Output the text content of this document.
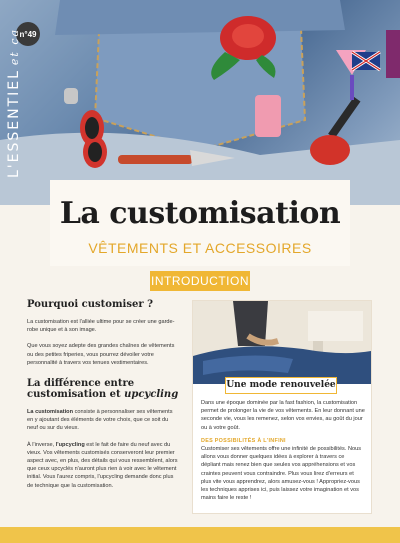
n°49
L'ESSENTIELet ca
La customisation
VÊTEMENTS ET ACCESSOIRES
INTRODUCTION
Pourquoi customiser ?

La customisation est l'alliée ultime pour se créer une garde-robe unique et à son image.

Que vous soyez adepte des grandes chaînes de vêtements ou des petites friperies, vous pourrez dévoiler votre personnalité à travers vos tenues vestimentaires.

La différence entre
customisation et upcycling

La customisation consiste à personnaliser ses vêtements en y ajoutant des éléments de votre choix, que ce soit du neuf ou sur du vieux.

À l'inverse, l'upcycling est le fait de faire du neuf avec du vieux. Vos vêtements customisés conserveront leur premier aspect avec, en plus, des détails qui vous ressemblent, alors que ceux upcyclés n'auront plus rien à voir avec le vêtement initial. Vous l'aurez compris, l'upcycling demande donc plus de technique que la customisation.

Une mode renouvelée

Dans une époque dominée par la fast fashion, la customisation permet de prolonger la vie de vos vêtements. En leur donnant une seconde vie, vous les remenez, selon vos envies, au goût du jour ou à votre goût.

DES POSSIBILITÉS À L'INFINI

Customiser ses vêtements offre une infinité de possibilités. Nous allons vous donner quelques idées à explorer à travers ce dépliant mais renez bien que seules vos appréhensions et vos craintes peuvent vous contraindre. Plus vous lirez d'erreurs et plus vite vous apprendrez, alors amusez-vous ! Appropriez-vous les techniques apprises ici, puis laissez votre imagination et vos mains faire le reste !
